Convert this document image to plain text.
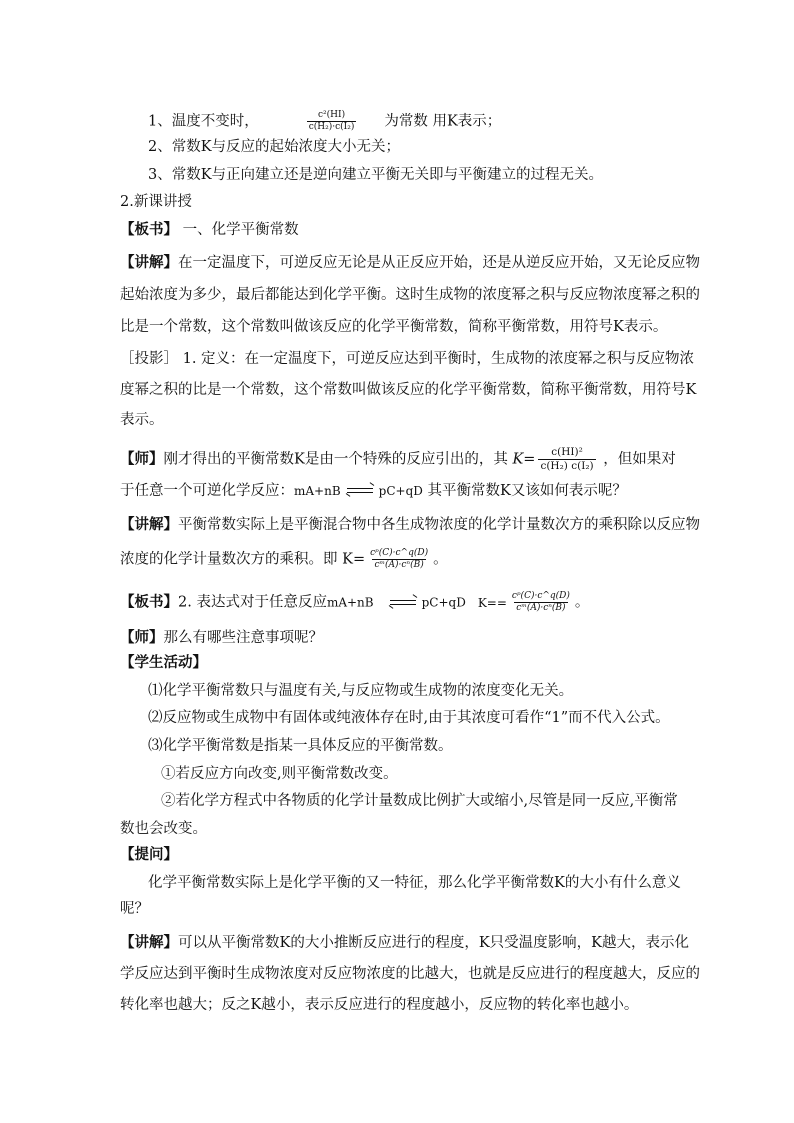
1、温度不变时，	$\frac{\text{c²(HI)}}{\text{c(H₂)·c(I₂)}}$ 为常数 用K表示；
2、常数K与反应的起始浓度大小无关；
3、常数K与正向建立还是逆向建立平衡无关即与平衡建立的过程无关。
2.新课讲授
【板书】 一、化学平衡常数
【讲解】在一定温度下，可逆反应无论是从正反应开始，还是从逆反应开始，又无论反应物
起始浓度为多少，最后都能达到化学平衡。这时生成物的浓度幂之积与反应物浓度幂之积的
比是一个常数，这个常数叫做该反应的化学平衡常数，简称平衡常数，用符号K表示。
［投影］ 1. 定义：在一定温度下，可逆反应达到平衡时，生成物的浓度幂之积与反应物浓
度幂之积的比是一个常数，这个常数叫做该反应的化学平衡常数，简称平衡常数，用符号K
表示。
【师】刚才得出的平衡常数K是由一个特殊的反应引出的，其 $K= \frac{\text{c(HI)²}}{\text{c(H₂) c(I₂)}}$ ，但如果对
于任意一个可逆化学反应：mA+nB	pC+qD 其平衡常数K又该如何表示呢？
【讲解】平衡常数实际上是平衡混合物中各生成物浓度的化学计量数次方的乘积除以反应物
浓度的化学计量数次方的乘积。即 $K= \frac{\text{cᵖ(C)·c\textasciicircum{}q(D)}}{\text{cᵐ(A)·cⁿ(B)}}$ 。
【板书】2. 表达式对于任意反应mA+nB	pC+qD $K== \frac{\text{cᵖ(C)·c\textasciicircum{}q(D)}}{\text{cᵐ(A)·cⁿ(B)}}$ 。
【师】那么有哪些注意事项呢？
【学生活动】
⑴化学平衡常数只与温度有关,与反应物或生成物的浓度变化无关。
⑵反应物或生成物中有固体或纯液体存在时,由于其浓度可看作“1”而不代入公式。
⑶化学平衡常数是指某一具体反应的平衡常数。
①若反应方向改变,则平衡常数改变。
②若化学方程式中各物质的化学计量数成比例扩大或缩小,尽管是同一反应,平衡常
数也会改变。
【提问】
化学平衡常数实际上是化学平衡的又一特征，那么化学平衡常数K的大小有什么意义
呢？
【讲解】可以从平衡常数K的大小推断反应进行的程度，K只受温度影响，K越大，表示化
学反应达到平衡时生成物浓度对反应物浓度的比越大，也就是反应进行的程度越大，反应的
转化率也越大；反之K越小，表示反应进行的程度越小，反应物的转化率也越小。
